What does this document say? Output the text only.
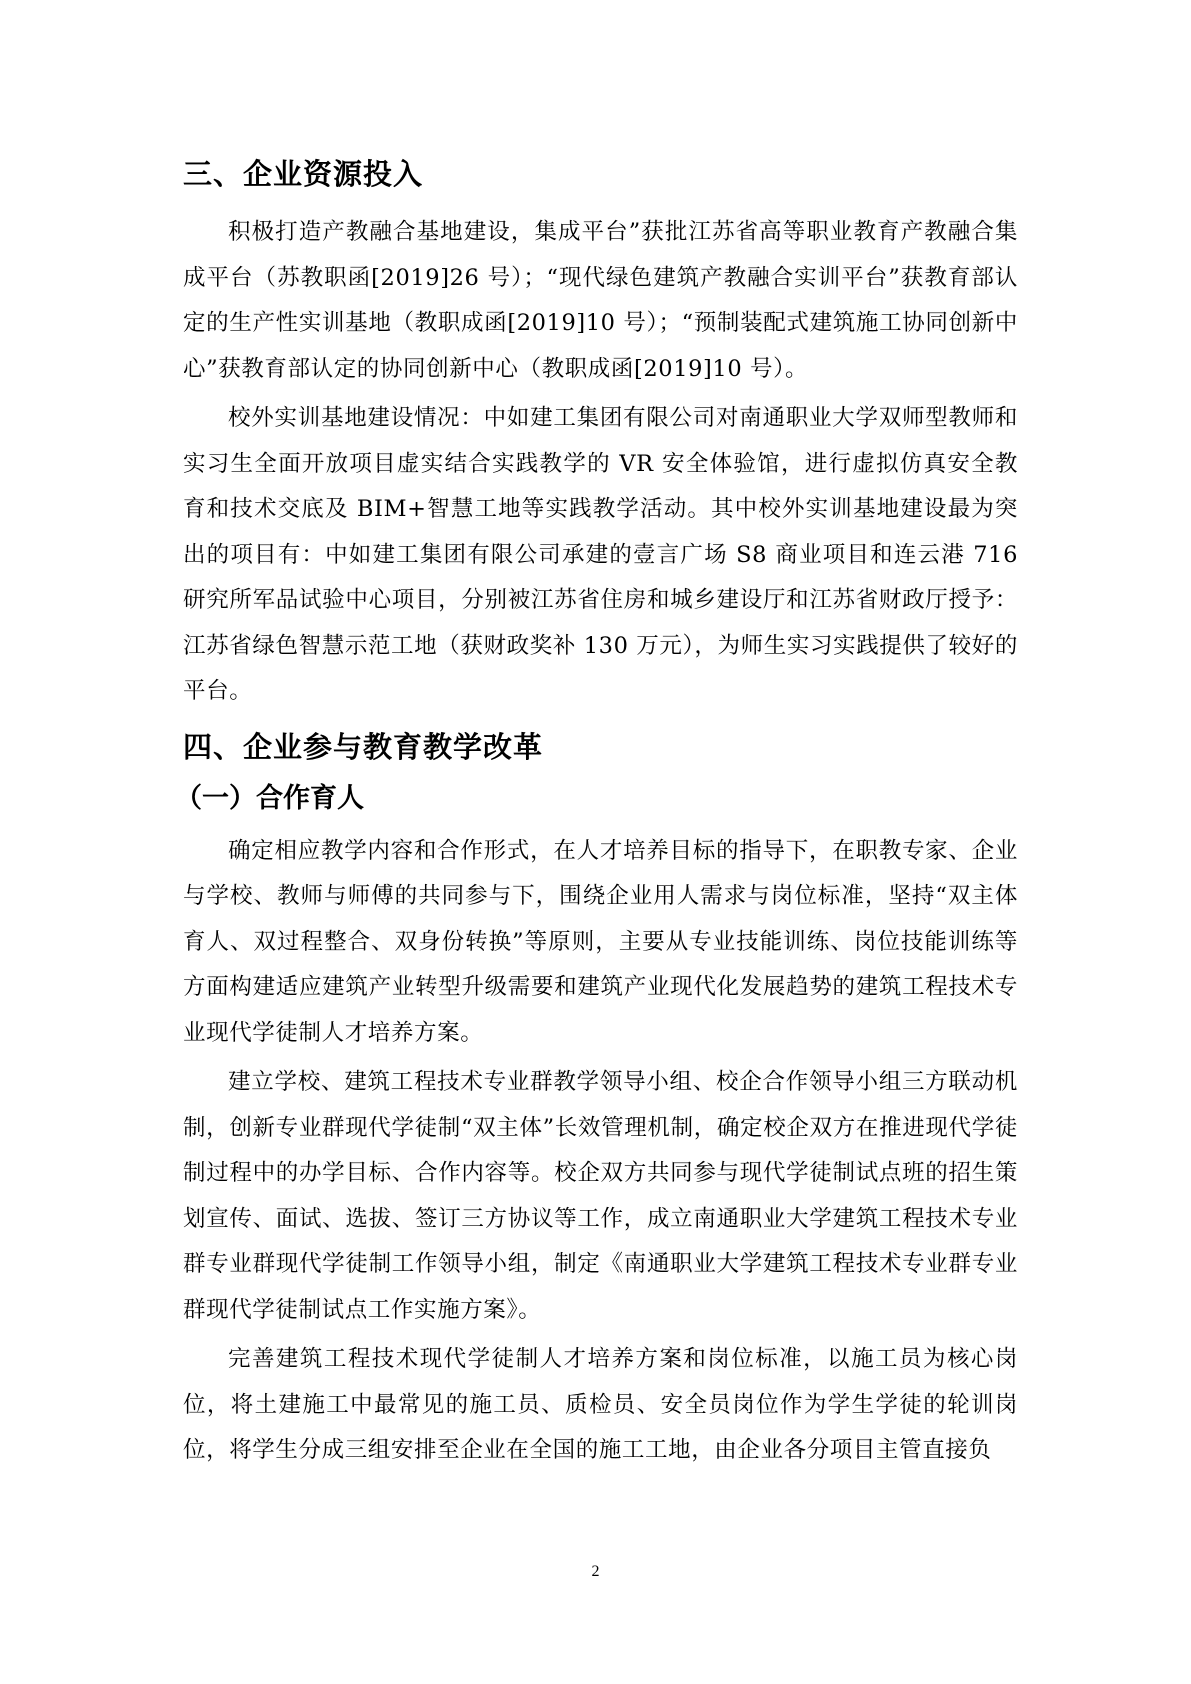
三、企业资源投入
积极打造产教融合基地建设，集成平台”获批江苏省高等职业教育产教融合集成平台（苏教职函[2019]26 号）；“现代绿色建筑产教融合实训平台”获教育部认定的生产性实训基地（教职成函[2019]10 号）；“预制装配式建筑施工协同创新中心”获教育部认定的协同创新中心（教职成函[2019]10 号）。
校外实训基地建设情况：中如建工集团有限公司对南通职业大学双师型教师和实习生全面开放项目虚实结合实践教学的 VR 安全体验馆，进行虚拟仿真安全教育和技术交底及 BIM+智慧工地等实践教学活动。其中校外实训基地建设最为突出的项目有：中如建工集团有限公司承建的壹言广场 S8 商业项目和连云港 716研究所军品试验中心项目，分别被江苏省住房和城乡建设厅和江苏省财政厅授予：江苏省绿色智慧示范工地（获财政奖补 130 万元），为师生实习实践提供了较好的平台。
四、企业参与教育教学改革
（一）合作育人
确定相应教学内容和合作形式，在人才培养目标的指导下，在职教专家、企业与学校、教师与师傅的共同参与下，围绕企业用人需求与岗位标准，坚持“双主体育人、双过程整合、双身份转换”等原则，主要从专业技能训练、岗位技能训练等方面构建适应建筑产业转型升级需要和建筑产业现代化发展趋势的建筑工程技术专业现代学徒制人才培养方案。
建立学校、建筑工程技术专业群教学领导小组、校企合作领导小组三方联动机制，创新专业群现代学徒制“双主体”长效管理机制，确定校企双方在推进现代学徒制过程中的办学目标、合作内容等。校企双方共同参与现代学徒制试点班的招生策划宣传、面试、选拔、签订三方协议等工作，成立南通职业大学建筑工程技术专业群专业群现代学徒制工作领导小组，制定《南通职业大学建筑工程技术专业群专业群现代学徒制试点工作实施方案》。
完善建筑工程技术现代学徒制人才培养方案和岗位标准，以施工员为核心岗位，将土建施工中最常见的施工员、质检员、安全员岗位作为学生学徒的轮训岗位，将学生分成三组安排至企业在全国的施工工地，由企业各分项目主管直接负
2
